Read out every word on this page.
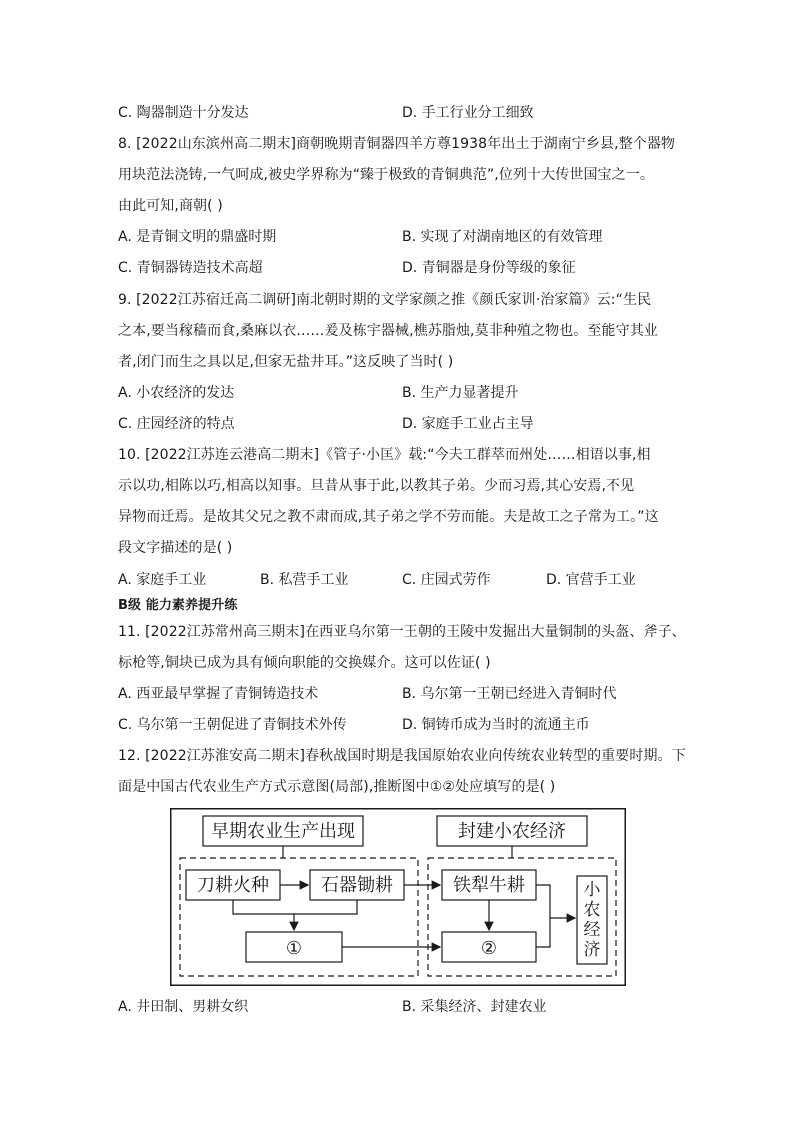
C. 陶器制造十分发达	D. 手工行业分工细致
8. [2022山东滨州高二期末]商朝晚期青铜器四羊方尊1938年出土于湖南宁乡县,整个器物
用块范法浇铸,一气呵成,被史学界称为“臻于极致的青铜典范”,位列十大传世国宝之一。
由此可知,商朝( )
A. 是青铜文明的鼎盛时期	B. 实现了对湖南地区的有效管理
C. 青铜器铸造技术高超	D. 青铜器是身份等级的象征
9. [2022江苏宿迁高二调研]南北朝时期的文学家颜之推《颜氏家训·治家篇》云:“生民
之本,要当稼穑而食,桑麻以衣……爰及栋宇器械,樵苏脂烛,莫非种殖之物也。至能守其业
者,闭门而生之具以足,但家无盐井耳。”这反映了当时( )
A. 小农经济的发达	B. 生产力显著提升
C. 庄园经济的特点	D. 家庭手工业占主导
10. [2022江苏连云港高二期末]《管子·小匡》载:“今夫工群萃而州处……相语以事,相
示以功,相陈以巧,相高以知事。旦昔从事于此,以教其子弟。少而习焉,其心安焉,不见
异物而迁焉。是故其父兄之教不肃而成,其子弟之学不劳而能。夫是故工之子常为工。”这
段文字描述的是( )
A. 家庭手工业	B. 私营手工业	C. 庄园式劳作	D. 官营手工业
B级 能力素养提升练
11. [2022江苏常州高三期末]在西亚乌尔第一王朝的王陵中发掘出大量铜制的头盔、斧子、
标枪等,铜块已成为具有倾向职能的交换媒介。这可以佐证( )
A. 西亚最早掌握了青铜铸造技术	B. 乌尔第一王朝已经进入青铜时代
C. 乌尔第一王朝促进了青铜技术外传	D. 铜铸币成为当时的流通主币
12. [2022江苏淮安高二期末]春秋战国时期是我国原始农业向传统农业转型的重要时期。下
面是中国古代农业生产方式示意图(局部),推断图中①②处应填写的是( )
早期农业生产出现	封建小农经济
刀耕火种	石器锄耕	铁犁牛耕
①	②
小
农
经
济
A. 井田制、男耕女织	B. 采集经济、封建农业
